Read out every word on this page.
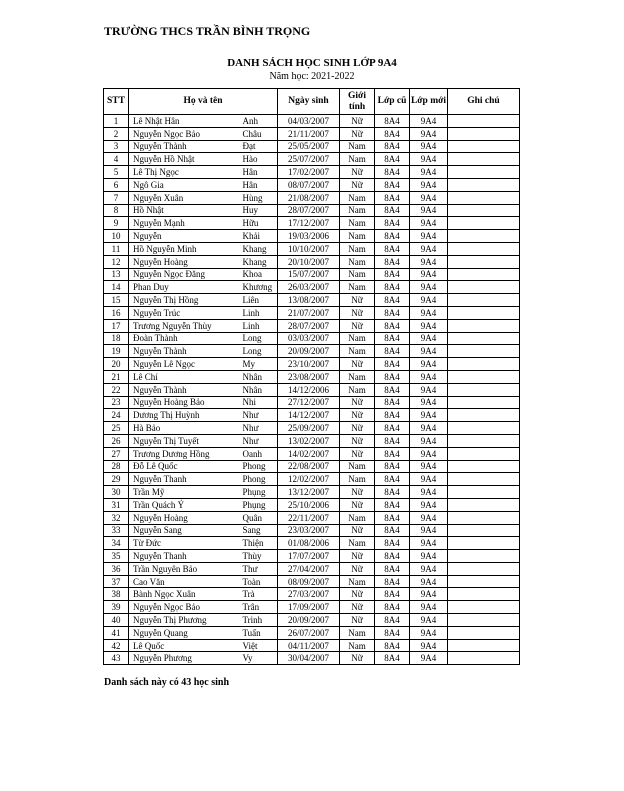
TRƯỜNG THCS TRẦN BÌNH TRỌNG
DANH SÁCH HỌC SINH LỚP 9A4
Năm học: 2021-2022
STT	Họ và tên		Ngày sinh	Giới tính	Lớp cũ	Lớp mới	Ghi chú
1	Lê Nhật Hân	Anh	04/03/2007	Nữ	8A4	9A4	
2	Nguyễn Ngọc Bảo	Châu	21/11/2007	Nữ	8A4	9A4	
3	Nguyễn Thành	Đạt	25/05/2007	Nam	8A4	9A4	
4	Nguyễn Hồ Nhật	Hào	25/07/2007	Nam	8A4	9A4	
5	Lê Thị Ngọc	Hân	17/02/2007	Nữ	8A4	9A4	
6	Ngô Gia	Hân	08/07/2007	Nữ	8A4	9A4	
7	Nguyễn Xuân	Hùng	21/08/2007	Nam	8A4	9A4	
8	Hồ Nhật	Huy	28/07/2007	Nam	8A4	9A4	
9	Nguyễn Mạnh	Hữu	17/12/2007	Nam	8A4	9A4	
10	Nguyễn	Khải	19/03/2006	Nam	8A4	9A4	
11	Hồ Nguyễn Minh	Khang	10/10/2007	Nam	8A4	9A4	
12	Nguyễn Hoàng	Khang	20/10/2007	Nam	8A4	9A4	
13	Nguyễn Ngọc Đăng	Khoa	15/07/2007	Nam	8A4	9A4	
14	Phan Duy	Khương	26/03/2007	Nam	8A4	9A4	
15	Nguyễn Thị Hồng	Liên	13/08/2007	Nữ	8A4	9A4	
16	Nguyễn Trúc	Linh	21/07/2007	Nữ	8A4	9A4	
17	Trương Nguyễn Thùy	Linh	28/07/2007	Nữ	8A4	9A4	
18	Đoàn Thành	Long	03/03/2007	Nam	8A4	9A4	
19	Nguyễn Thành	Long	20/09/2007	Nam	8A4	9A4	
20	Nguyễn Lê Ngọc	My	23/10/2007	Nữ	8A4	9A4	
21	Lê Chí	Nhân	23/08/2007	Nam	8A4	9A4	
22	Nguyễn Thành	Nhân	14/12/2006	Nam	8A4	9A4	
23	Nguyễn Hoàng Bảo	Nhi	27/12/2007	Nữ	8A4	9A4	
24	Dương Thị Huỳnh	Như	14/12/2007	Nữ	8A4	9A4	
25	Hà Bảo	Như	25/09/2007	Nữ	8A4	9A4	
26	Nguyễn Thị Tuyết	Như	13/02/2007	Nữ	8A4	9A4	
27	Trương Dương Hồng	Oanh	14/02/2007	Nữ	8A4	9A4	
28	Đỗ Lê Quốc	Phong	22/08/2007	Nam	8A4	9A4	
29	Nguyễn Thanh	Phong	12/02/2007	Nam	8A4	9A4	
30	Trần Mỹ	Phụng	13/12/2007	Nữ	8A4	9A4	
31	Trần Quách Ý	Phụng	25/10/2006	Nữ	8A4	9A4	
32	Nguyễn Hoàng	Quân	22/11/2007	Nam	8A4	9A4	
33	Nguyễn Sang	Sang	23/03/2007	Nữ	8A4	9A4	
34	Từ Đức	Thiện	01/08/2006	Nam	8A4	9A4	
35	Nguyễn Thanh	Thùy	17/07/2007	Nữ	8A4	9A4	
36	Trần Nguyên Bảo	Thư	27/04/2007	Nữ	8A4	9A4	
37	Cao Văn	Toàn	08/09/2007	Nam	8A4	9A4	
38	Bành Ngọc Xuân	Trà	27/03/2007	Nữ	8A4	9A4	
39	Nguyễn Ngọc Bảo	Trân	17/09/2007	Nữ	8A4	9A4	
40	Nguyễn Thị Phương	Trinh	20/09/2007	Nữ	8A4	9A4	
41	Nguyễn Quang	Tuấn	26/07/2007	Nam	8A4	9A4	
42	Lê Quốc	Việt	04/11/2007	Nam	8A4	9A4	
43	Nguyễn Phương	Vy	30/04/2007	Nữ	8A4	9A4	
Danh sách này có 43 học sinh
